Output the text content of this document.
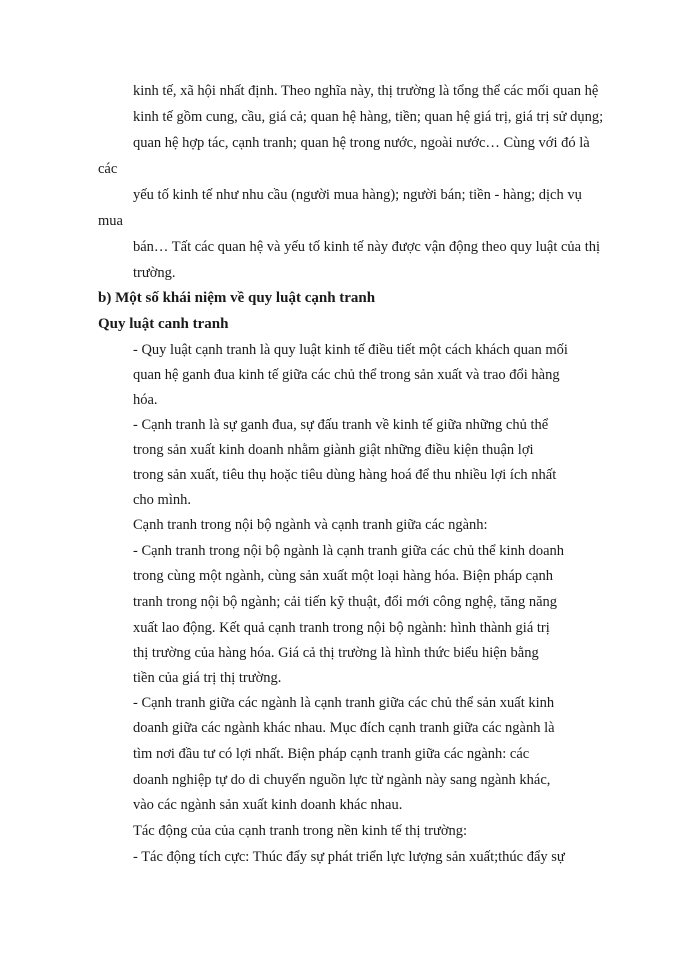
kinh tế, xã hội nhất định. Theo nghĩa này, thị trường là tổng thể các mối quan hệ
kinh tế gồm cung, cầu, giá cả; quan hệ hàng, tiền; quan hệ giá trị, giá trị sử dụng;
quan hệ hợp tác, cạnh tranh; quan hệ trong nước, ngoài nước… Cùng với đó là
các
yếu tố kinh tế như nhu cầu (người mua hàng); người bán; tiền - hàng; dịch vụ
mua
bán… Tất các quan hệ và yếu tố kinh tế này được vận động theo quy luật của thị
trường.
b) Một số khái niệm về quy luật cạnh tranh
Quy luật canh tranh
- Quy luật cạnh tranh là quy luật kinh tế điều tiết một cách khách quan mối
quan hệ ganh đua kinh tế giữa các chủ thể trong sản xuất và trao đổi hàng
hóa.
- Cạnh tranh là sự ganh đua, sự đấu tranh về kinh tế giữa những chủ thể
trong sản xuất kinh doanh nhằm giành giật những điều kiện thuận lợi
trong sản xuất, tiêu thụ hoặc tiêu dùng hàng hoá để thu nhiều lợi ích nhất
cho mình.
Cạnh tranh trong nội bộ ngành và cạnh tranh giữa các ngành:
- Cạnh tranh trong nội bộ ngành là cạnh tranh giữa các chủ thể kinh doanh
trong cùng một ngành, cùng sản xuất một loại hàng hóa. Biện pháp cạnh
tranh trong nội bộ ngành; cải tiến kỹ thuật, đổi mới công nghệ, tăng năng
xuất lao động. Kết quả cạnh tranh trong nội bộ ngành: hình thành giá trị
thị trường của hàng hóa. Giá cả thị trường là hình thức biểu hiện bằng
tiền của giá trị thị trường.
- Cạnh tranh giữa các ngành là cạnh tranh giữa các chủ thể sản xuất kinh
doanh giữa các ngành khác nhau. Mục đích cạnh tranh giữa các ngành là
tìm nơi đầu tư có lợi nhất. Biện pháp cạnh tranh giữa các ngành: các
doanh nghiệp tự do di chuyển nguồn lực từ ngành này sang ngành khác,
vào các ngành sản xuất kinh doanh khác nhau.
Tác động của của cạnh tranh trong nền kinh tế thị trường:
- Tác động tích cực: Thúc đẩy sự phát triển lực lượng sản xuất;thúc đẩy sự
